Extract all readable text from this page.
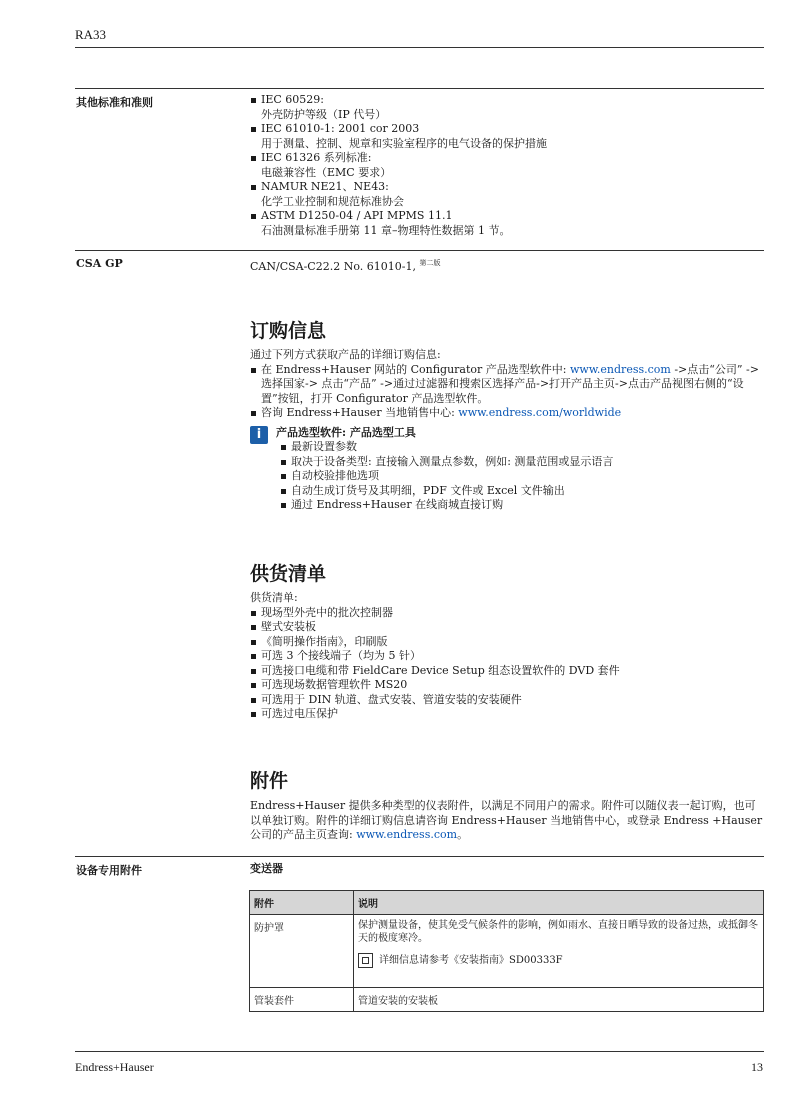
RA33
其他标准和准则	IEC 60529:
外壳防护等级（IP 代号）
IEC 61010-1: 2001 cor 2003
用于测量、控制、规章和实验室程序的电气设备的保护措施
IEC 61326 系列标准:
电磁兼容性（EMC 要求）
NAMUR NE21、NE43:
化学工业控制和规范标准协会
ASTM D1250-04 / API MPMS 11.1
石油测量标准手册第 11 章–物理特性数据第 1 节。
CSA GP	CAN/CSA-C22.2 No. 61010-1, $^{第二版}$
订购信息
通过下列方式获取产品的详细订购信息:
在 Endress+Hauser 网站的 Configurator 产品选型软件中: www.endress.com ->点击“公司” ->选择国家-> 点击“产品” ->通过过滤器和搜索区选择产品->打开产品主页->点击产品视图右侧的“设置”按钮，打开 Configurator 产品选型软件。
咨询 Endress+Hauser 当地销售中心: www.endress.com/worldwide
i
产品选型软件: 产品选型工具
最新设置参数
取决于设备类型: 直接输入测量点参数，例如: 测量范围或显示语言
自动校验排他选项
自动生成订货号及其明细，PDF 文件或 Excel 文件输出
通过 Endress+Hauser 在线商城直接订购
供货清单
供货清单:
现场型外壳中的批次控制器
壁式安装板
《简明操作指南》，印刷版
可选 3 个接线端子（均为 5 针）
可选接口电缆和带 FieldCare Device Setup 组态设置软件的 DVD 套件
可选现场数据管理软件 MS20
可选用于 DIN 轨道、盘式安装、管道安装的安装硬件
可选过电压保护
附件
Endress+Hauser 提供多种类型的仪表附件，以满足不同用户的需求。附件可以随仪表一起订购，也可以单独订购。附件的详细订购信息请咨询 Endress+Hauser 当地销售中心，或登录 Endress +Hauser 公司的产品主页查询: www.endress.com。
设备专用附件	变送器
附件	说明
防护罩	保护测量设备，使其免受气候条件的影响，例如雨水、直接日晒导致的设备过热，或抵御冬天的极度寒冷。
详细信息请参考《安装指南》SD00333F

管装套件	管道安装的安装板
Endress+Hauser	13
